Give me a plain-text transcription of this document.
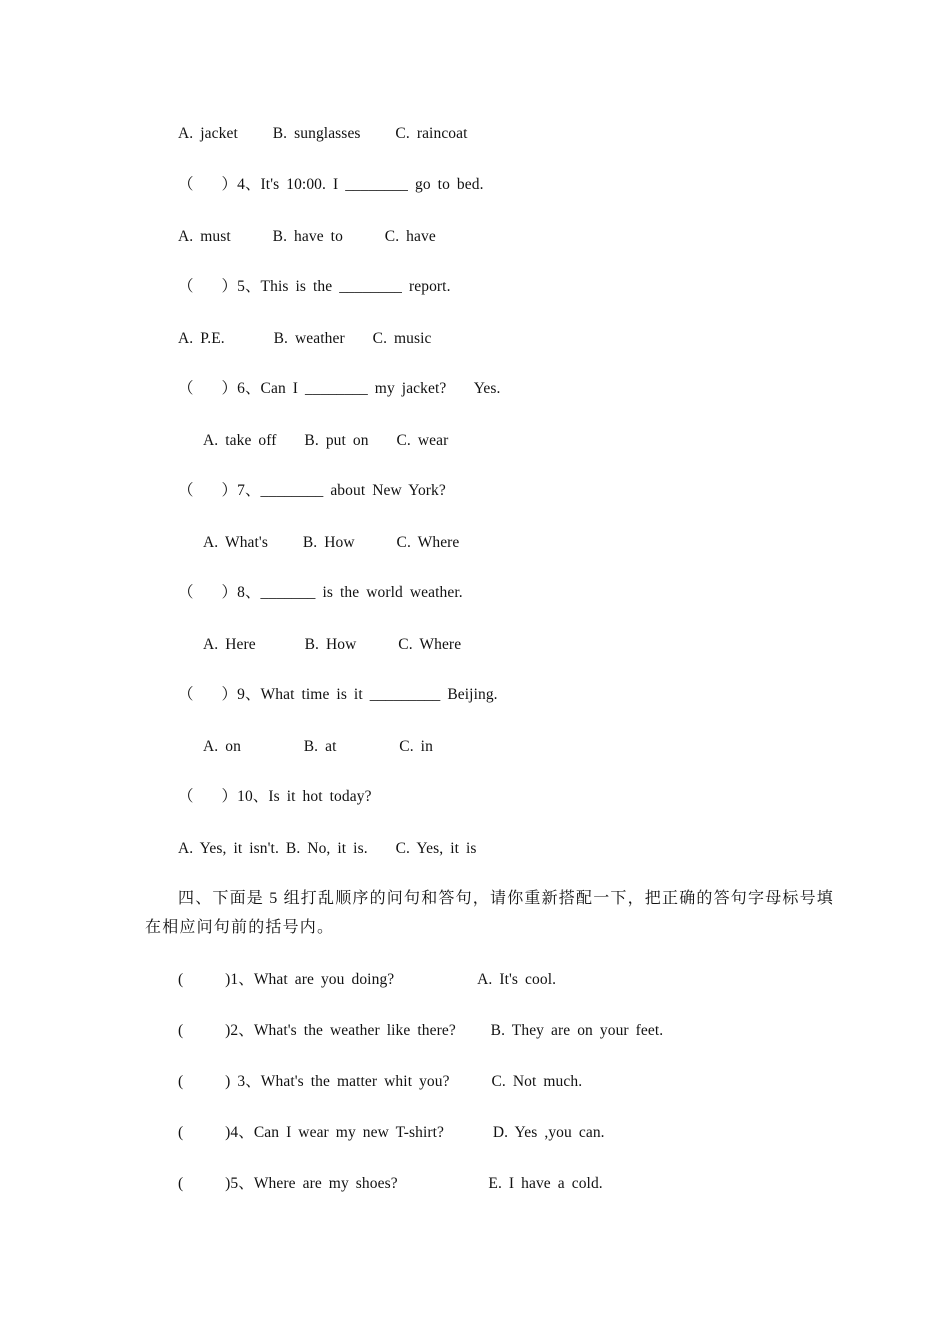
A. jacket     B. sunglasses     C. raincoat
（    ）4、It's 10:00. I ________ go to bed.
A. must      B. have to      C. have
（    ）5、This is the ________ report.
A. P.E.       B. weather    C. music
（    ）6、Can I ________ my jacket?    Yes.
A. take off    B. put on    C. wear
（    ）7、________ about New York?
A. What's     B. How      C. Where
（    ）8、_______ is the world weather.
A. Here       B. How      C. Where
（    ）9、What time is it _________ Beijing.
A. on         B. at         C. in
（    ）10、Is it hot today?
A. Yes, it isn't. B. No, it is.    C. Yes, it is
四、下面是 5 组打乱顺序的问句和答句，请你重新搭配一下，把正确的答句字母标号填
在相应问句前的括号内。
(      )1、What are you doing?            A. It's cool.
(      )2、What's the weather like there?     B. They are on your feet.
(      ) 3、What's the matter whit you?      C. Not much.
(      )4、Can I wear my new T-shirt?       D. Yes ,you can.
(      )5、Where are my shoes?             E. I have a cold.
